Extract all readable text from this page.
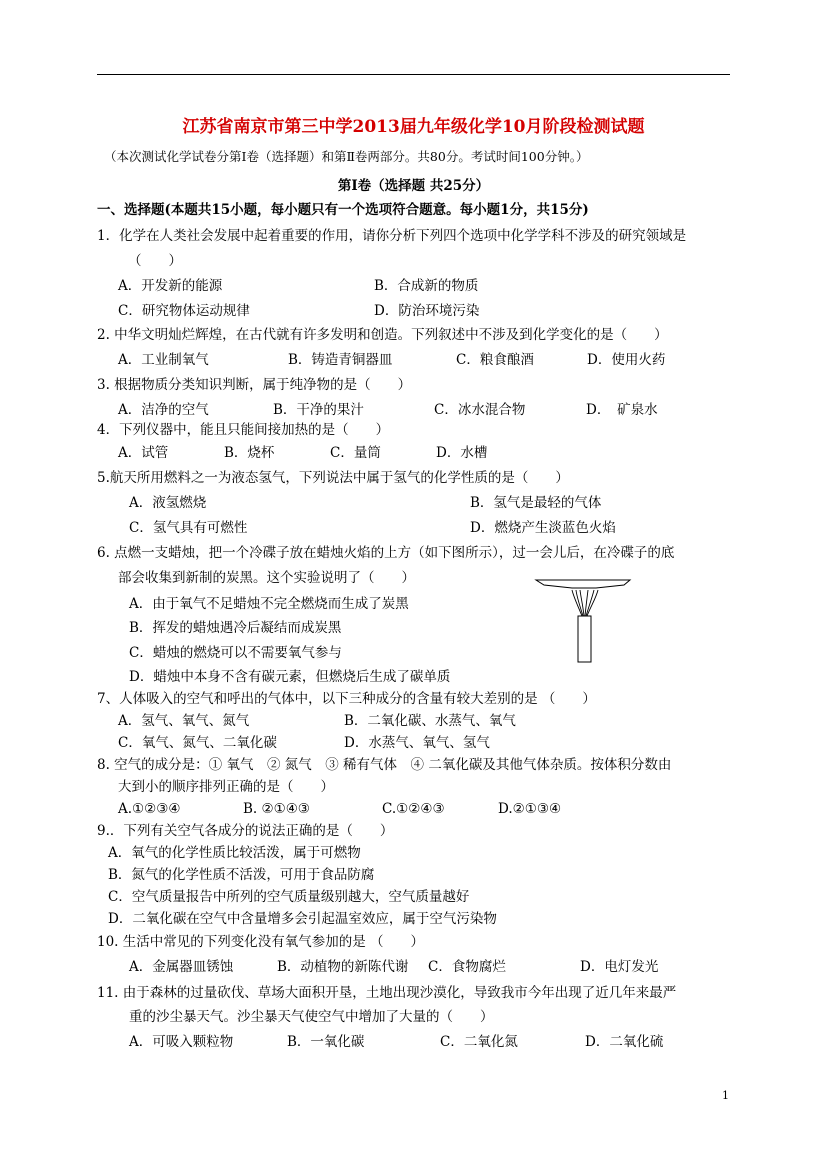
江苏省南京市第三中学2013届九年级化学10月阶段检测试题
（本次测试化学试卷分第Ⅰ卷（选择题）和第Ⅱ卷两部分。共80分。考试时间100分钟。）
第Ⅰ卷（选择题 共25分）
一、选择题(本题共15小题，每小题只有一个选项符合题意。每小题1分，共15分)
1．化学在人类社会发展中起着重要的作用，请你分析下列四个选项中化学学科不涉及的研究领域是
（　　）
A．开发新的能源	B．合成新的物质
C．研究物体运动规律	D．防治环境污染
2. 中华文明灿烂辉煌，在古代就有许多发明和创造。下列叙述中不涉及到化学变化的是（　　）
A．工业制氧气	B．铸造青铜器皿	C．粮食酿酒	D．使用火药
3. 根据物质分类知识判断，属于纯净物的是（　　）
A．洁净的空气	B．干净的果汁	C．冰水混合物	D．　矿泉水
4．下列仪器中，能且只能间接加热的是（　　）
A．试管	B．烧杯	C．量筒	D．水槽
5.航天所用燃料之一为液态氢气，下列说法中属于氢气的化学性质的是（　　）
A．液氢燃烧	B．氢气是最轻的气体
C．氢气具有可燃性	D．燃烧产生淡蓝色火焰
6. 点燃一支蜡烛，把一个冷碟子放在蜡烛火焰的上方（如下图所示），过一会儿后，在冷碟子的底
部会收集到新制的炭黑。这个实验说明了（　　）
A．由于氧气不足蜡烛不完全燃烧而生成了炭黑
B．挥发的蜡烛遇冷后凝结而成炭黑
C．蜡烛的燃烧可以不需要氧气参与
D．蜡烛中本身不含有碳元素，但燃烧后生成了碳单质
7、人体吸入的空气和呼出的气体中，以下三种成分的含量有较大差别的是 （　　）
A．氢气、氧气、氮气	B．二氧化碳、水蒸气、氧气
C．氧气、氮气、二氧化碳	D．水蒸气、氧气、氢气
8. 空气的成分是：① 氧气　② 氮气　③ 稀有气体　④ 二氧化碳及其他气体杂质。按体积分数由
大到小的顺序排列正确的是（　　）
A.①②③④	B. ②①④③	C.①②④③	D.②①③④
9.．下列有关空气各成分的说法正确的是（　　）
A．氧气的化学性质比较活泼，属于可燃物
B．氮气的化学性质不活泼，可用于食品防腐
C．空气质量报告中所列的空气质量级别越大，空气质量越好
D．二氧化碳在空气中含量增多会引起温室效应，属于空气污染物
10. 生活中常见的下列变化没有氧气参加的是 （　　）
A．金属器皿锈蚀	B．动植物的新陈代谢 C．食物腐烂	D．电灯发光
11. 由于森林的过量砍伐、草场大面积开垦，土地出现沙漠化，导致我市今年出现了近几年来最严
重的沙尘暴天气。沙尘暴天气使空气中增加了大量的（　　）
A．可吸入颗粒物	B．一氧化碳	C．二氧化氮	D．二氧化硫
1
